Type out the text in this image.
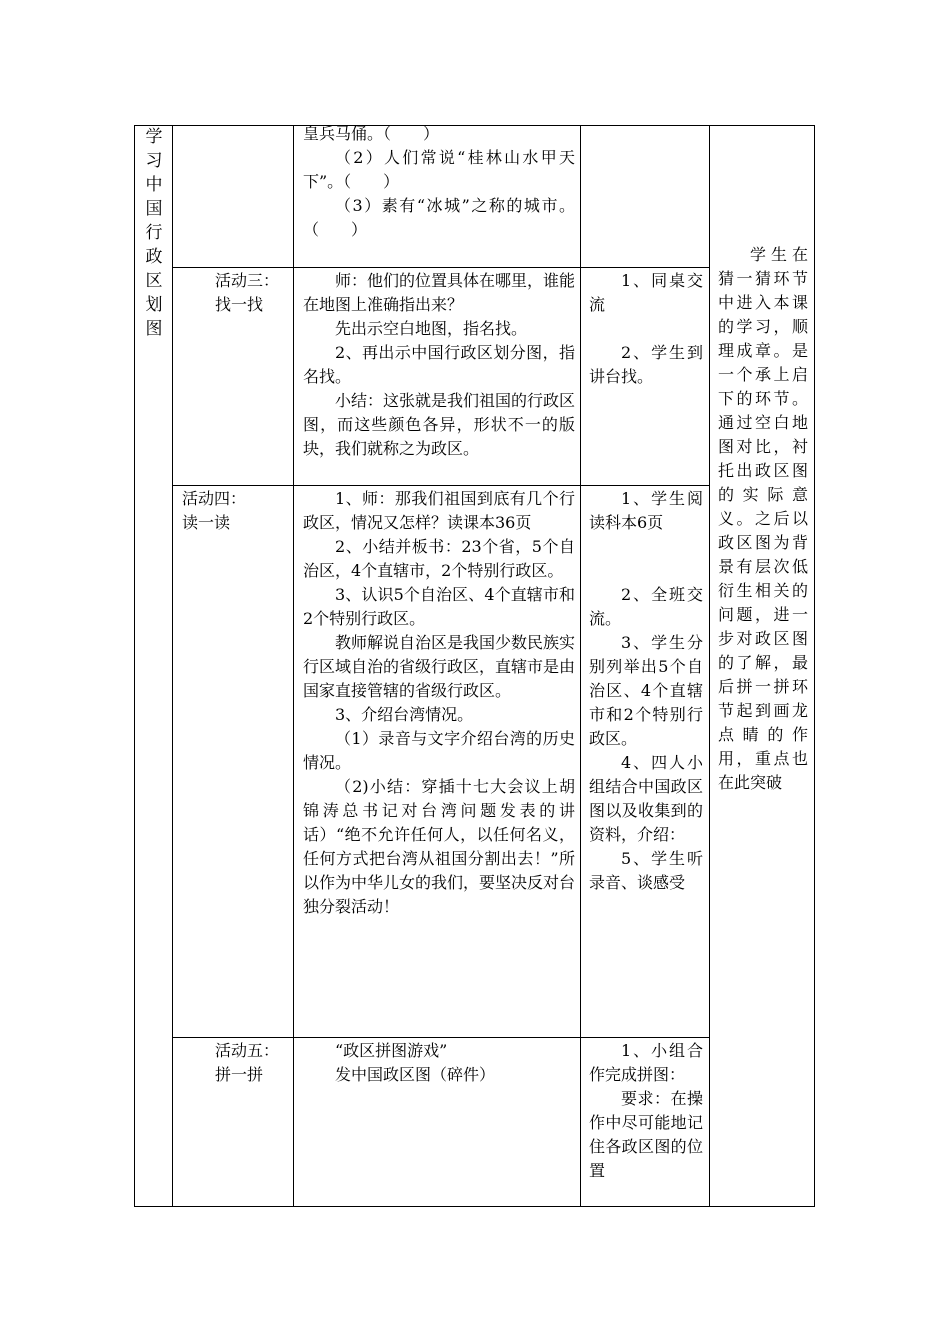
学
习
中
国
行
政
区
划
图

皇兵马俑。（　　）

（2）人们常说“桂林山水甲天下”。（　　）

（3）素有“冰城”之称的城市。（　　）

活动三：
找一找

师：他们的位置具体在哪里，谁能在地图上准确指出来？

先出示空白地图，指名找。

2、再出示中国行政区划分图，指名找。

小结：这张就是我们祖国的行政区图，而这些颜色各异，形状不一的版块，我们就称之为政区。

1、同桌交流

2、学生到讲台找。

活动四：
读一读

1、师：那我们祖国到底有几个行政区，情况又怎样？读课本36页

2、小结并板书：23个省，5个自治区，4个直辖市，2个特别行政区。

3、认识5个自治区、4个直辖市和2个特别行政区。

教师解说自治区是我国少数民族实行区域自治的省级行政区，直辖市是由国家直接管辖的省级行政区。

3、介绍台湾情况。

（1）录音与文字介绍台湾的历史情况。

（2)小结：穿插十七大会议上胡锦涛总书记对台湾问题发表的讲话）“绝不允许任何人，以任何名义，任何方式把台湾从祖国分割出去！”所以作为中华儿女的我们，要坚决反对台独分裂活动！

1、学生阅读科本6页

2、全班交流。

3、学生分别列举出5个自治区、4个直辖市和2个特别行政区。

4、四人小组结合中国政区图以及收集到的资料，介绍：

5、学生听录音、谈感受

活动五：
拼一拼

“政区拼图游戏”

发中国政区图（碎件）

1、小组合作完成拼图：

要求：在操作中尽可能地记住各政区图的位置

学生在猜一猜环节中进入本课的学习，顺理成章。是一个承上启下的环节。通过空白地图对比，衬托出政区图的实际意义。之后以政区图为背景有层次低衍生相关的问题，进一步对政区图的了解，最后拼一拼环节起到画龙点睛的作用，重点也在此突破
